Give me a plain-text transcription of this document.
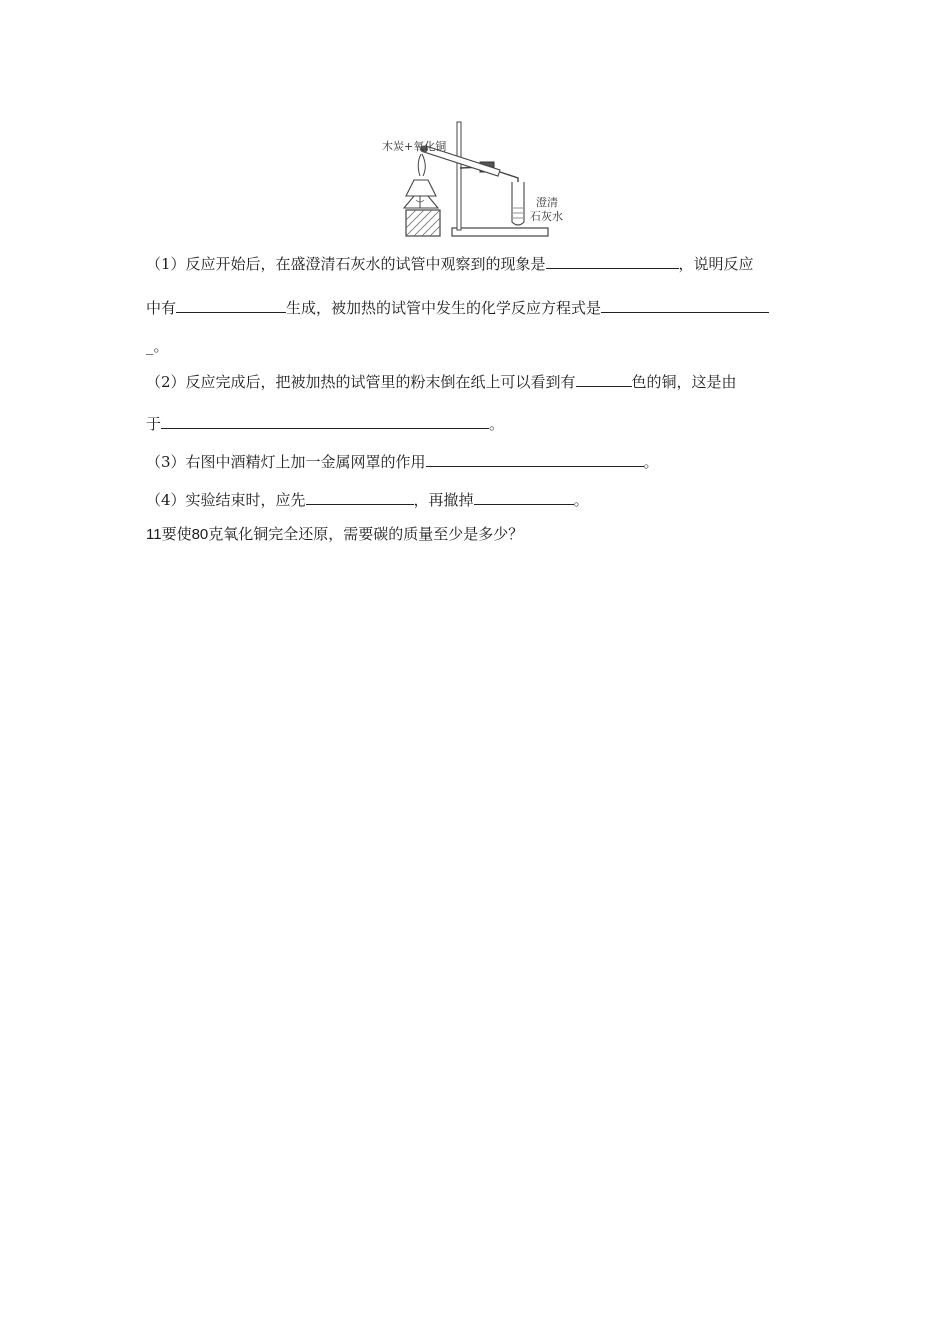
木炭+氧化铜
澄清
石灰水
（1）反应开始后，在盛澄清石灰水的试管中观察到的现象是	，说明反应
中有	生成，被加热的试管中发生的化学反应方程式是
_。
（2）反应完成后，把被加热的试管里的粉末倒在纸上可以看到有	色的铜，这是由
于	。
（3）右图中酒精灯上加一金属网罩的作用	。
（4）实验结束时，应先	，再撤掉	。
11要使80克氧化铜完全还原，需要碳的质量至少是多少？
